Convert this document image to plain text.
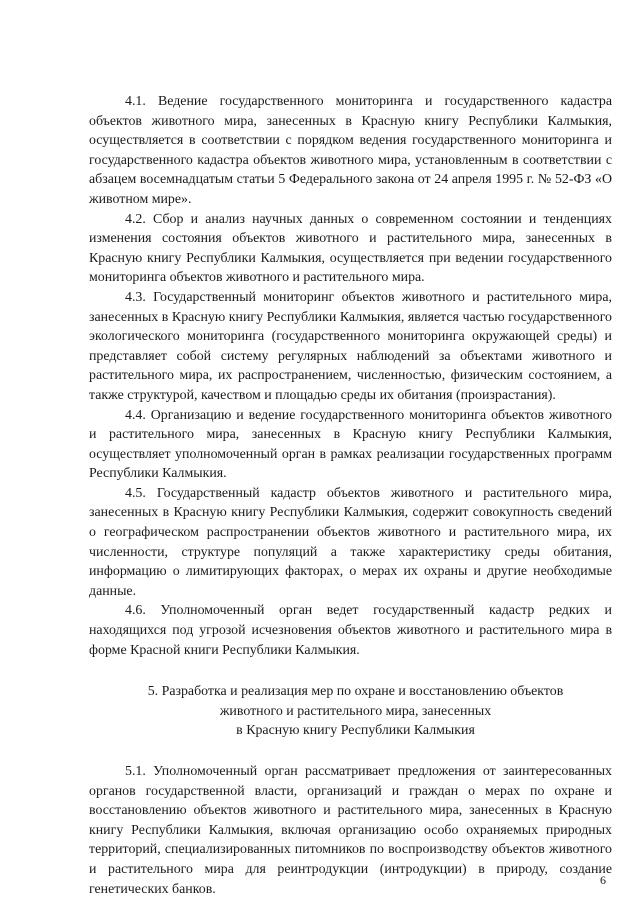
4.1. Ведение государственного мониторинга и государственного кадастра объектов животного мира, занесенных в Красную книгу Республики Калмыкия, осуществляется в соответствии с порядком ведения государственного мониторинга и государственного кадастра объектов животного мира, установленным в соответствии с абзацем восемнадцатым статьи 5 Федерального закона от 24 апреля 1995 г. № 52-ФЗ «О животном мире».

4.2. Сбор и анализ научных данных о современном состоянии и тенденциях изменения состояния объектов животного и растительного мира, занесенных в Красную книгу Республики Калмыкия, осуществляется при ведении государственного мониторинга объектов животного и растительного мира.

4.3. Государственный мониторинг объектов животного и растительного мира, занесенных в Красную книгу Республики Калмыкия, является частью государственного экологического мониторинга (государственного мониторинга окружающей среды) и представляет собой систему регулярных наблюдений за объектами животного и растительного мира, их распространением, численностью, физическим состоянием, а также структурой, качеством и площадью среды их обитания (произрастания).

4.4. Организацию и ведение государственного мониторинга объектов животного и растительного мира, занесенных в Красную книгу Республики Калмыкия, осуществляет уполномоченный орган в рамках реализации государственных программ Республики Калмыкия.

4.5. Государственный кадастр объектов животного и растительного мира, занесенных в Красную книгу Республики Калмыкия, содержит совокупность сведений о географическом распространении объектов животного и растительного мира, их численности, структуре популяций а также характеристику среды обитания, информацию о лимитирующих факторах, о мерах их охраны и другие необходимые данные.

4.6. Уполномоченный орган ведет государственный кадастр редких и находящихся под угрозой исчезновения объектов животного и растительного мира в форме Красной книги Республики Калмыкия.

5. Разработка и реализация мер по охране и восстановлению объектов
животного и растительного мира, занесенных
в Красную книгу Республики Калмыкия

5.1. Уполномоченный орган рассматривает предложения от заинтересованных органов государственной власти, организаций и граждан о мерах по охране и восстановлению объектов животного и растительного мира, занесенных в Красную книгу Республики Калмыкия, включая организацию особо охраняемых природных территорий, специализированных питомников по воспроизводству объектов животного и растительного мира для реинтродукции (интродукции) в природу, создание генетических банков.

6
